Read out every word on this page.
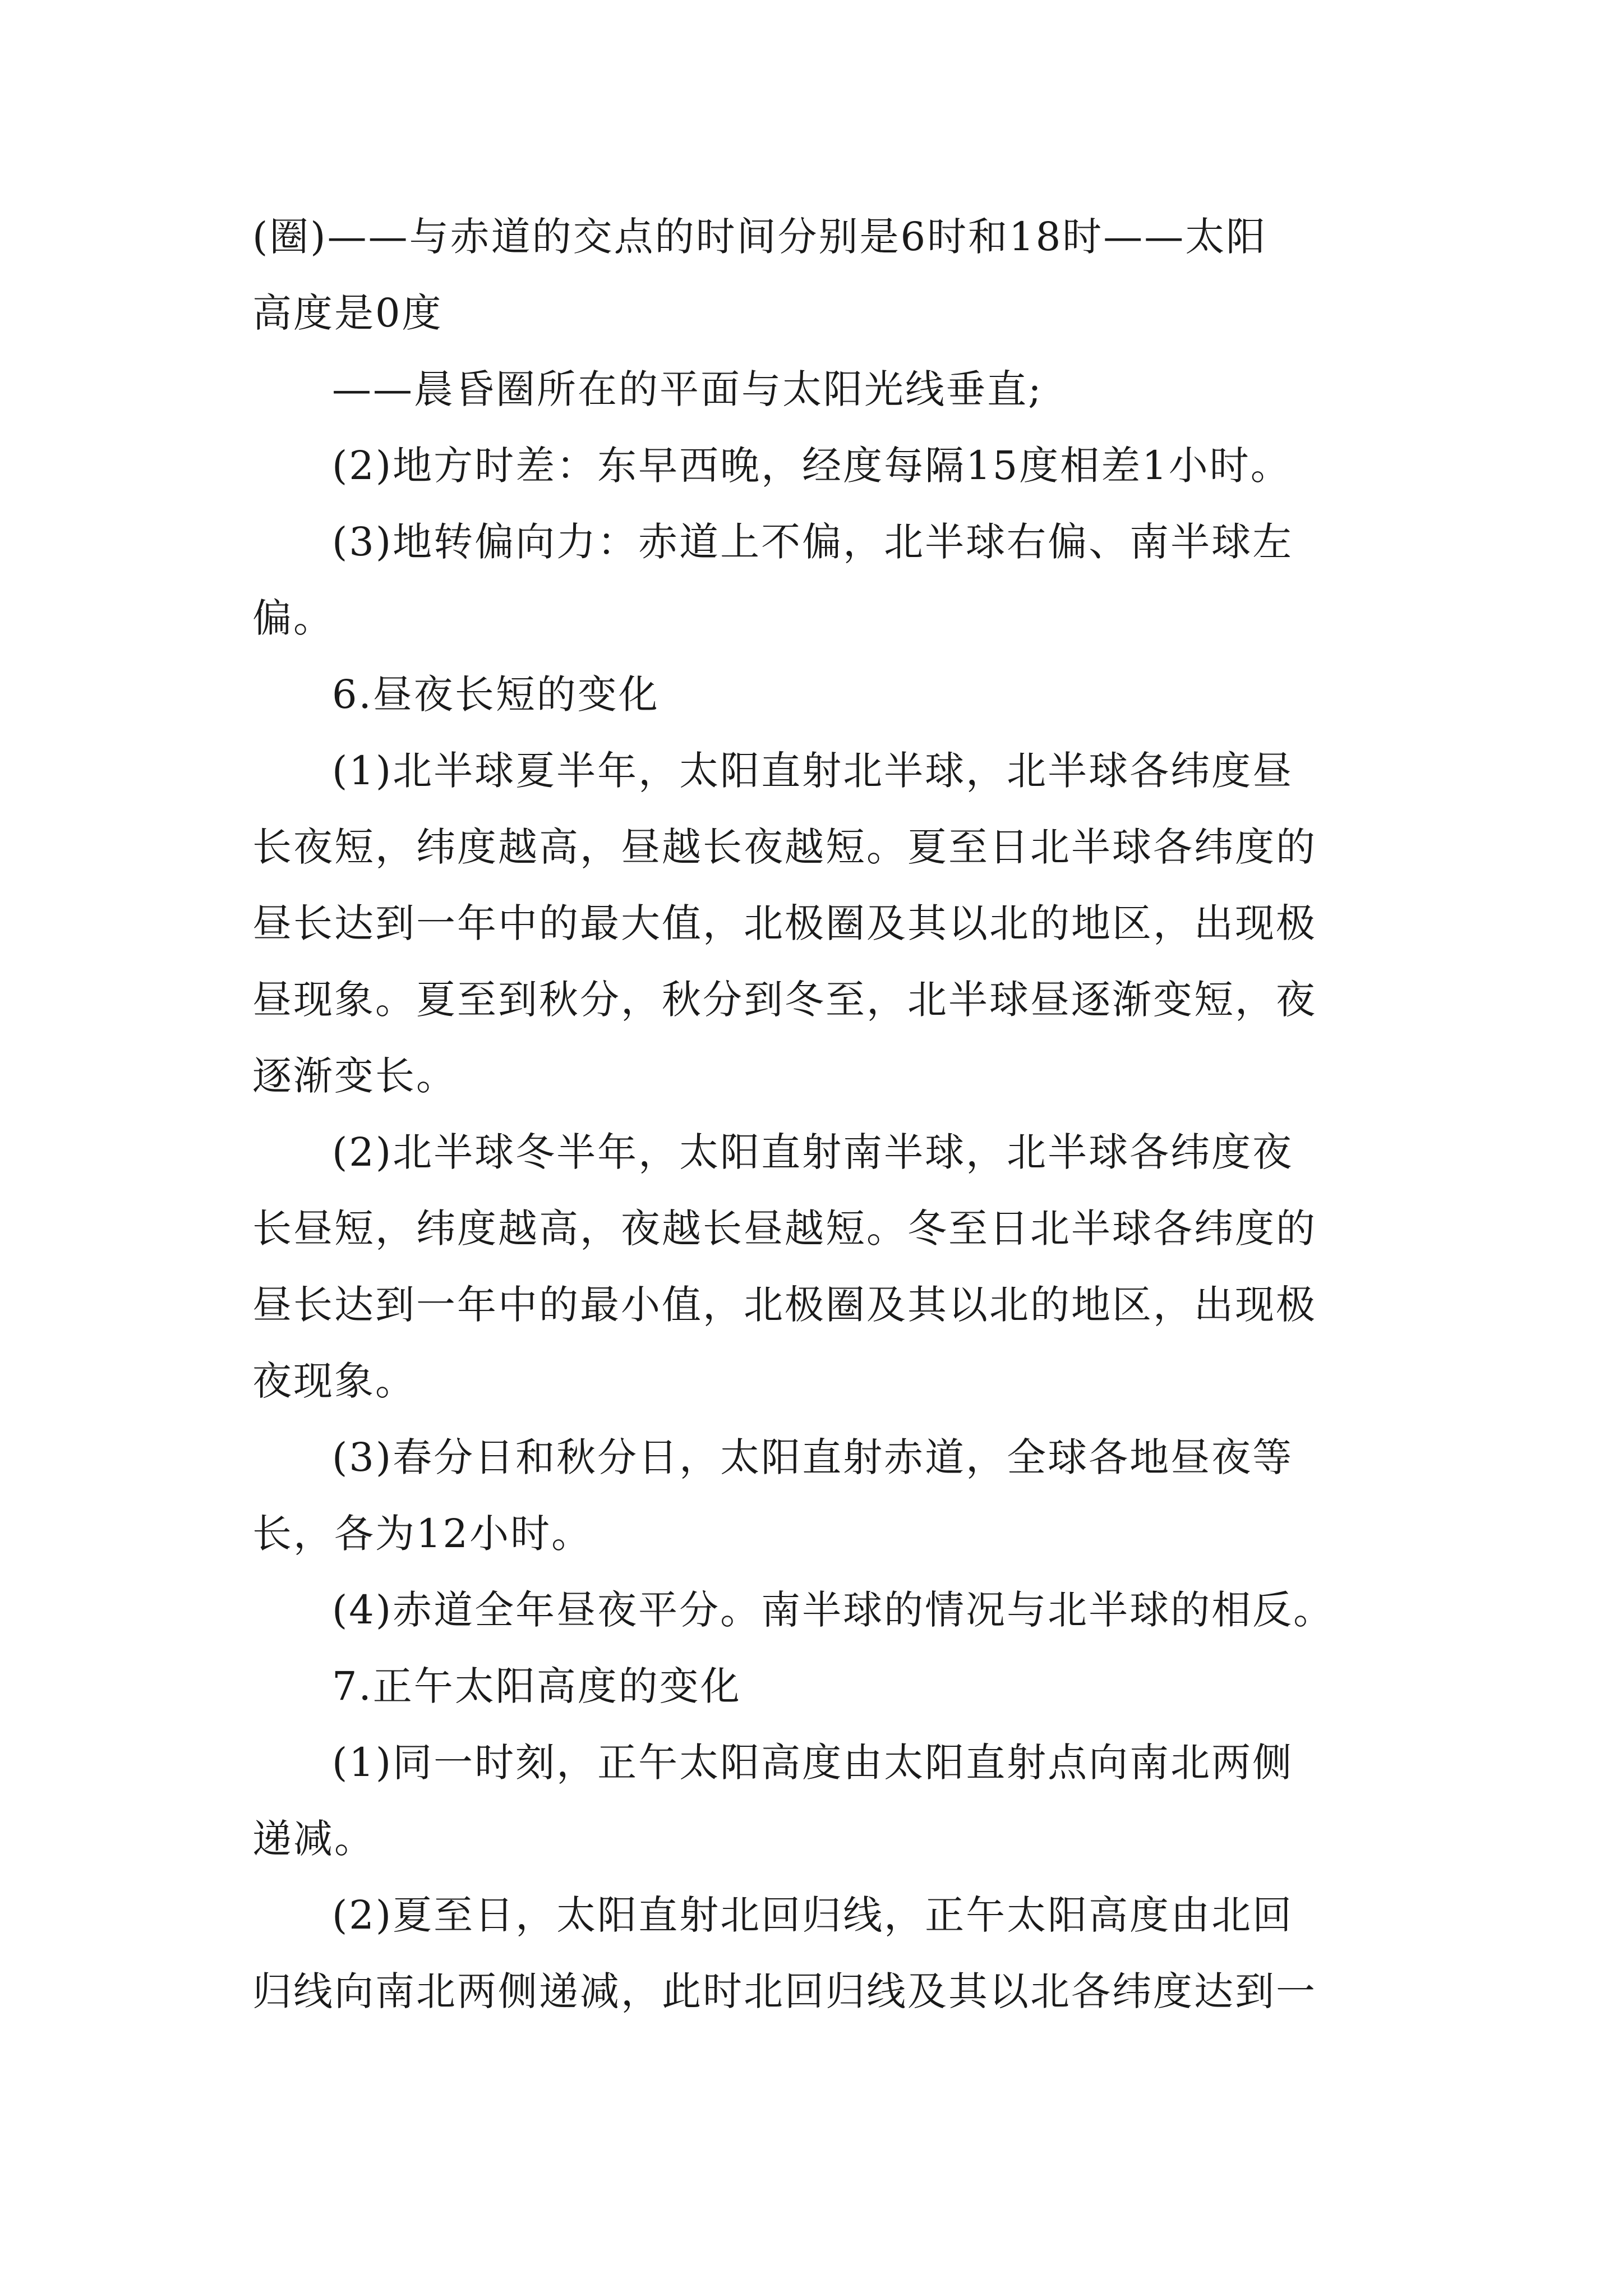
(圈)——与赤道的交点的时间分别是6时和18时——太阳
高度是0度
——晨昏圈所在的平面与太阳光线垂直;
(2)地方时差：东早西晚，经度每隔15度相差1小时。
(3)地转偏向力：赤道上不偏，北半球右偏、南半球左
偏。
6.昼夜长短的变化
(1)北半球夏半年，太阳直射北半球，北半球各纬度昼
长夜短，纬度越高，昼越长夜越短。夏至日北半球各纬度的
昼长达到一年中的最大值，北极圈及其以北的地区，出现极
昼现象。夏至到秋分，秋分到冬至，北半球昼逐渐变短，夜
逐渐变长。
(2)北半球冬半年，太阳直射南半球，北半球各纬度夜
长昼短，纬度越高，夜越长昼越短。冬至日北半球各纬度的
昼长达到一年中的最小值，北极圈及其以北的地区，出现极
夜现象。
(3)春分日和秋分日，太阳直射赤道，全球各地昼夜等
长，各为12小时。
(4)赤道全年昼夜平分。南半球的情况与北半球的相反。
7.正午太阳高度的变化
(1)同一时刻，正午太阳高度由太阳直射点向南北两侧
递减。
(2)夏至日，太阳直射北回归线，正午太阳高度由北回
归线向南北两侧递减，此时北回归线及其以北各纬度达到一
